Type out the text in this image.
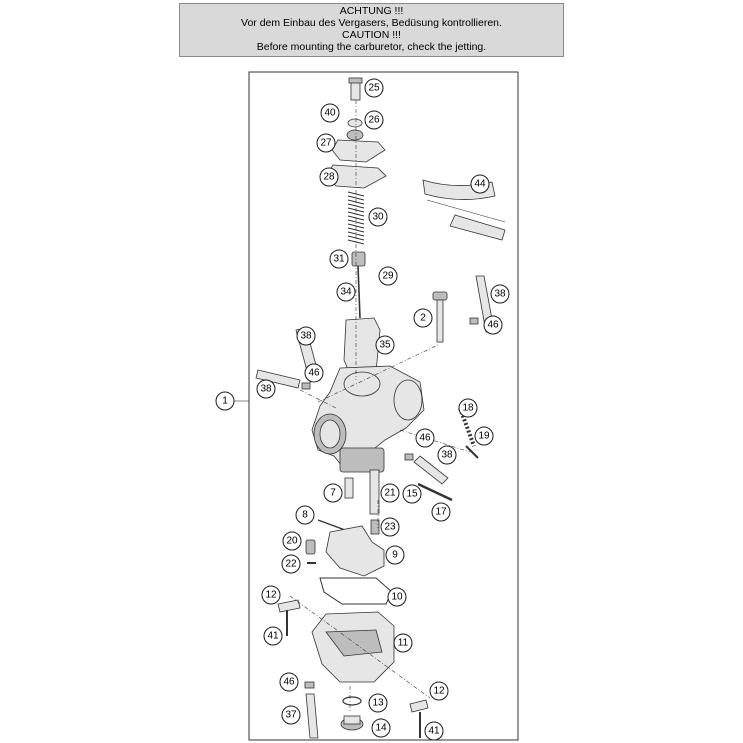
ACHTUNG !!!
Vor dem Einbau des Vergasers, Bedüsung kontrollieren.
CAUTION !!!
Before mounting the carburetor, check the jetting.
25
40
26
27
28
44
30
31
29
34	38
2
38
46
35
46
38
1
18
19
46
38
7	21 15
17
8
23
20
9
22
12	10
41
11
46
13
12
37
14	41
